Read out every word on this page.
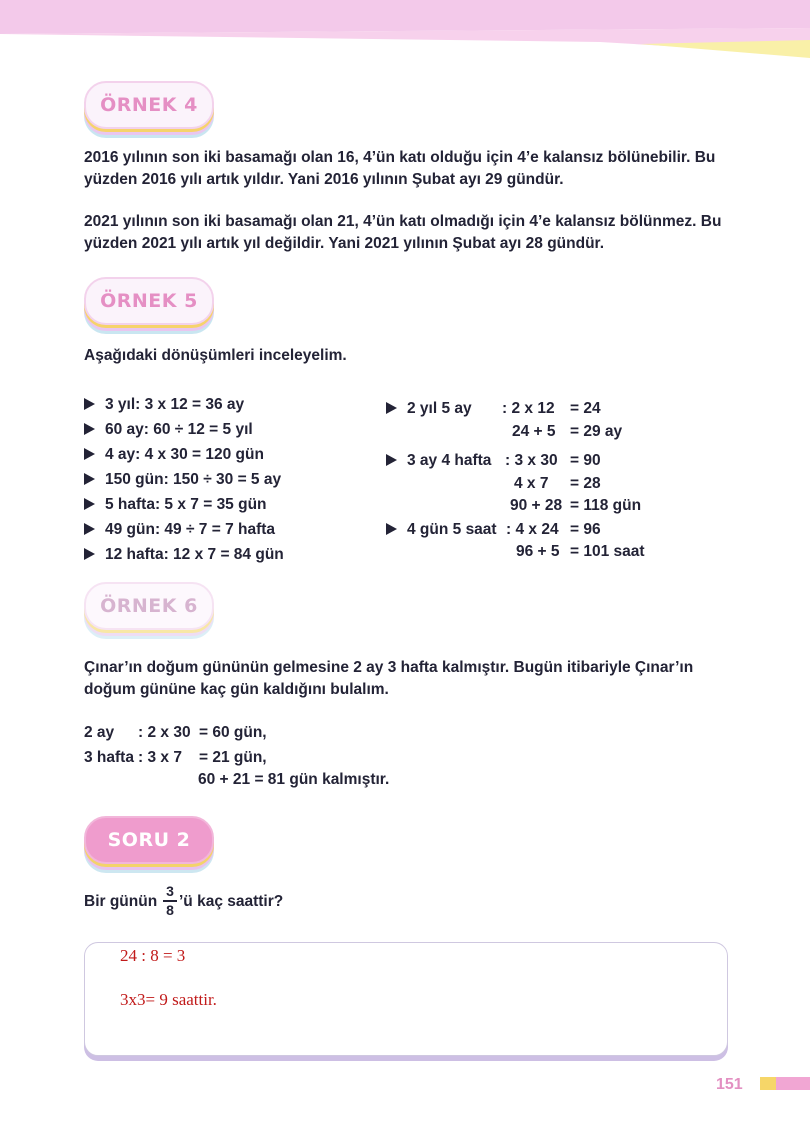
ÖRNEK 4
2016 yılının son iki basamağı olan 16, 4’ün katı olduğu için 4’e kalansız bölünebilir. Bu yüzden 2016 yılı artık yıldır. Yani 2016 yılının Şubat ayı 29 gündür.
2021 yılının son iki basamağı olan 21, 4’ün katı olmadığı için 4’e kalansız bölünmez. Bu yüzden 2021 yılı artık yıl değildir. Yani 2021 yılının Şubat ayı 28 gündür.
ÖRNEK 5
Aşağıdaki dönüşümleri inceleyelim.
3 yıl: 3 x 12 = 36 ay
60 ay: 60 ÷ 12 = 5 yıl
4 ay: 4 x 30 = 120 gün
150 gün: 150 ÷ 30 = 5 ay
5 hafta: 5 x 7 = 35 gün
49 gün: 49 ÷ 7 = 7 hafta
12 hafta: 12 x 7 = 84 gün
2 yıl 5 ay : 2 x 12 = 24
24 + 5 = 29 ay
3 ay 4 hafta : 3 x 30 = 90
4 x 7 = 28
90 + 28 = 118 gün
4 gün 5 saat : 4 x 24 = 96
96 + 5 = 101 saat
ÖRNEK 6
Çınar’ın doğum gününün gelmesine 2 ay 3 hafta kalmıştır. Bugün itibariyle Çınar’ın doğum gününe kaç gün kaldığını bulalım.
2 ay : 2 x 30 = 60 gün,
3 hafta : 3 x 7 = 21 gün,
60 + 21 = 81 gün kalmıştır.
SORU 2
Bir günün
3
8 ’ü kaç saattir?
24 : 8 = 3
3x3= 9 saattir.
151
